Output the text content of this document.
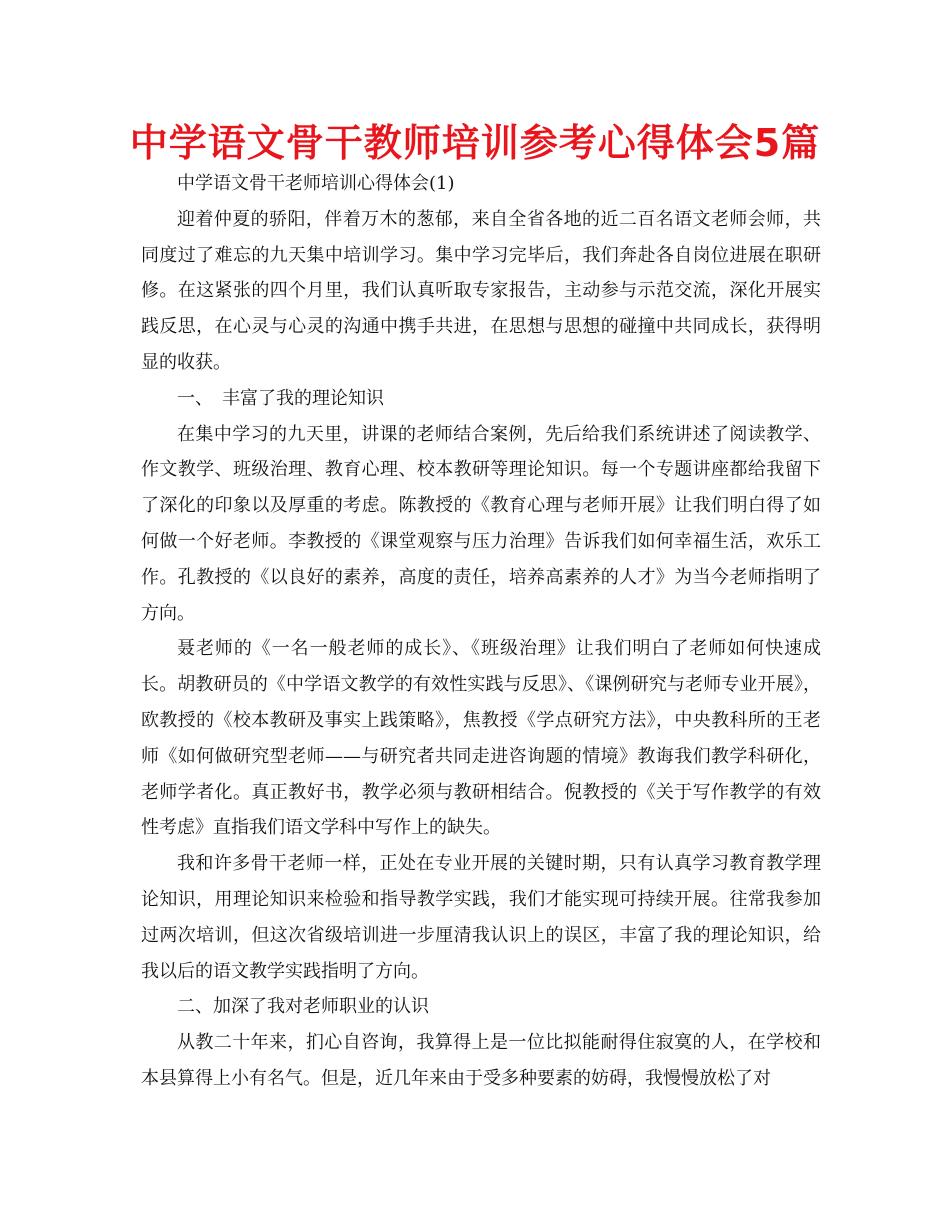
中学语文骨干教师培训参考心得体会5篇

中学语文骨干老师培训心得体会(1)

迎着仲夏的骄阳，伴着万木的葱郁，来自全省各地的近二百名语文老师会师，共同度过了难忘的九天集中培训学习。集中学习完毕后，我们奔赴各自岗位进展在职研修。在这紧张的四个月里，我们认真听取专家报告，主动参与示范交流，深化开展实践反思，在心灵与心灵的沟通中携手共进，在思想与思想的碰撞中共同成长，获得明显的收获。

一、　丰富了我的理论知识

在集中学习的九天里，讲课的老师结合案例，先后给我们系统讲述了阅读教学、作文教学、班级治理、教育心理、校本教研等理论知识。每一个专题讲座都给我留下了深化的印象以及厚重的考虑。陈教授的《教育心理与老师开展》让我们明白得了如何做一个好老师。李教授的《课堂观察与压力治理》告诉我们如何幸福生活，欢乐工作。孔教授的《以良好的素养，高度的责任，培养高素养的人才》为当今老师指明了方向。

聂老师的《一名一般老师的成长》、《班级治理》让我们明白了老师如何快速成长。胡教研员的《中学语文教学的有效性实践与反思》、《课例研究与老师专业开展》，欧教授的《校本教研及事实上践策略》，焦教授《学点研究方法》，中央教科所的王老师《如何做研究型老师——与研究者共同走进咨询题的情境》教诲我们教学科研化，老师学者化。真正教好书，教学必须与教研相结合。倪教授的《关于写作教学的有效性考虑》直指我们语文学科中写作上的缺失。

我和许多骨干老师一样，正处在专业开展的关键时期，只有认真学习教育教学理论知识，用理论知识来检验和指导教学实践，我们才能实现可持续开展。往常我参加过两次培训，但这次省级培训进一步厘清我认识上的误区，丰富了我的理论知识，给我以后的语文教学实践指明了方向。

二、加深了我对老师职业的认识

从教二十年来，扪心自咨询，我算得上是一位比拟能耐得住寂寞的人，在学校和本县算得上小有名气。但是，近几年来由于受多种要素的妨碍，我慢慢放松了对
